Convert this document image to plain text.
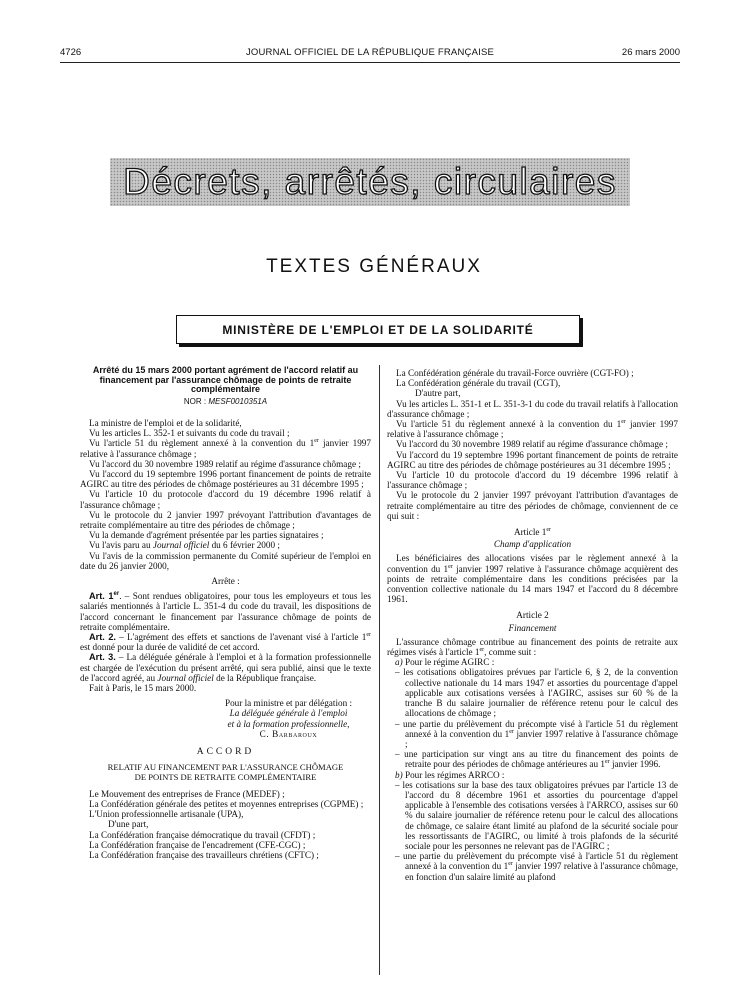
4726	JOURNAL OFFICIEL DE LA RÉPUBLIQUE FRANÇAISE	26 mars 2000
Décrets, arrêtés, circulaires
TEXTES GÉNÉRAUX
MINISTÈRE DE L'EMPLOI ET DE LA SOLIDARITÉ

Arrêté du 15 mars 2000 portant agrément de l'accord relatif au financement par l'assurance chômage de points de retraite complémentaire

NOR : MESF0010351A

La ministre de l'emploi et de la solidarité,

Vu les articles L. 352-1 et suivants du code du travail ;

Vu l'article 51 du règlement annexé à la convention du 1er janvier 1997 relative à l'assurance chômage ;

Vu l'accord du 30 novembre 1989 relatif au régime d'assurance chômage ;

Vu l'accord du 19 septembre 1996 portant financement de points de retraite AGIRC au titre des périodes de chômage postérieures au 31 décembre 1995 ;

Vu l'article 10 du protocole d'accord du 19 décembre 1996 relatif à l'assurance chômage ;

Vu le protocole du 2 janvier 1997 prévoyant l'attribution d'avantages de retraite complémentaire au titre des périodes de chômage ;

Vu la demande d'agrément présentée par les parties signataires ;

Vu l'avis paru au Journal officiel du 6 février 2000 ;

Vu l'avis de la commission permanente du Comité supérieur de l'emploi en date du 26 janvier 2000,

Arrête :

Art. 1er. – Sont rendues obligatoires, pour tous les employeurs et tous les salariés mentionnés à l'article L. 351-4 du code du travail, les dispositions de l'accord concernant le financement par l'assurance chômage de points de retraite complémentaire.

Art. 2. – L'agrément des effets et sanctions de l'avenant visé à l'article 1er est donné pour la durée de validité de cet accord.

Art. 3. – La déléguée générale à l'emploi et à la formation professionnelle est chargée de l'exécution du présent arrêté, qui sera publié, ainsi que le texte de l'accord agréé, au Journal officiel de la République française.

Fait à Paris, le 15 mars 2000.

Pour la ministre et par délégation :
La déléguée générale à l'emploi
et à la formation professionnelle,
C. Barbaroux

ACCORD

RELATIF AU FINANCEMENT PAR L'ASSURANCE CHÔMAGE
DE POINTS DE RETRAITE COMPLÉMENTAIRE

Le Mouvement des entreprises de France (MEDEF) ;

La Confédération générale des petites et moyennes entreprises (CGPME) ;

L'Union professionnelle artisanale (UPA),

D'une part,

La Confédération française démocratique du travail (CFDT) ;

La Confédération française de l'encadrement (CFE-CGC) ;

La Confédération française des travailleurs chrétiens (CFTC) ;

La Confédération générale du travail-Force ouvrière (CGT-FO) ;

La Confédération générale du travail (CGT),

D'autre part,

Vu les articles L. 351-1 et L. 351-3-1 du code du travail relatifs à l'allocation d'assurance chômage ;

Vu l'article 51 du règlement annexé à la convention du 1er janvier 1997 relative à l'assurance chômage ;

Vu l'accord du 30 novembre 1989 relatif au régime d'assurance chômage ;

Vu l'accord du 19 septembre 1996 portant financement de points de retraite AGIRC au titre des périodes de chômage postérieures au 31 décembre 1995 ;

Vu l'article 10 du protocole d'accord du 19 décembre 1996 relatif à l'assurance chômage ;

Vu le protocole du 2 janvier 1997 prévoyant l'attribution d'avantages de retraite complémentaire au titre des périodes de chômage, conviennent de ce qui suit :

Article 1er

Champ d'application

Les bénéficiaires des allocations visées par le règlement annexé à la convention du 1er janvier 1997 relative à l'assurance chômage acquièrent des points de retraite complémentaire dans les conditions précisées par la convention collective nationale du 14 mars 1947 et l'accord du 8 décembre 1961.

Article 2

Financement

L'assurance chômage contribue au financement des points de retraite aux régimes visés à l'article 1er, comme suit :

a) Pour le régime AGIRC :

– les cotisations obligatoires prévues par l'article 6, § 2, de la convention collective nationale du 14 mars 1947 et assorties du pourcentage d'appel applicable aux cotisations versées à l'AGIRC, assises sur 60 % de la tranche B du salaire journalier de référence retenu pour le calcul des allocations de chômage ;

– une partie du prélèvement du précompte visé à l'article 51 du règlement annexé à la convention du 1er janvier 1997 relative à l'assurance chômage ;

– une participation sur vingt ans au titre du financement des points de retraite pour des périodes de chômage antérieures au 1er janvier 1996.

b) Pour les régimes ARRCO :

– les cotisations sur la base des taux obligatoires prévues par l'article 13 de l'accord du 8 décembre 1961 et assorties du pourcentage d'appel applicable à l'ensemble des cotisations versées à l'ARRCO, assises sur 60 % du salaire journalier de référence retenu pour le calcul des allocations de chômage, ce salaire étant limité au plafond de la sécurité sociale pour les ressortissants de l'AGIRC, ou limité à trois plafonds de la sécurité sociale pour les personnes ne relevant pas de l'AGIRC ;

– une partie du prélèvement du précompte visé à l'article 51 du règlement annexé à la convention du 1er janvier 1997 relative à l'assurance chômage, en fonction d'un salaire limité au plafond
